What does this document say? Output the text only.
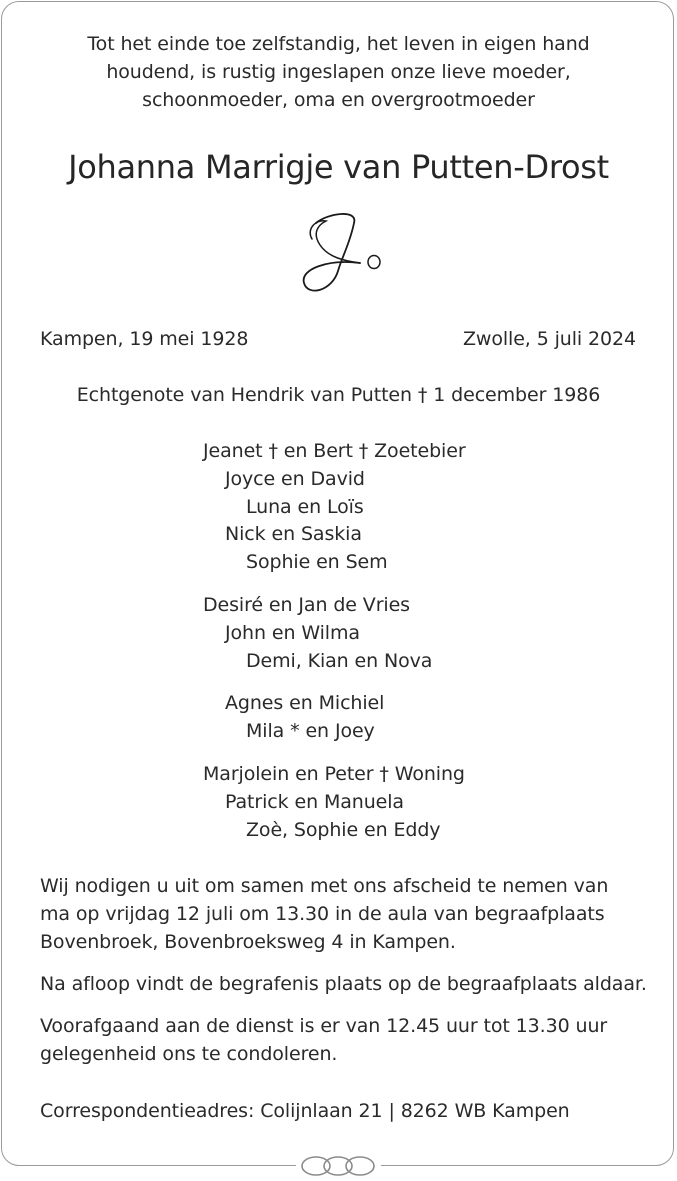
Tot het einde toe zelfstandig, het leven in eigen hand
houdend, is rustig ingeslapen onze lieve moeder,
schoonmoeder, oma en overgrootmoeder
Johanna Marrigje van Putten-Drost
Kampen, 19 mei 1928	Zwolle, 5 juli 2024
Echtgenote van Hendrik van Putten † 1 december 1986
Jeanet † en Bert † Zoetebier
Joyce en David
Luna en Loïs
Nick en Saskia
Sophie en Sem
Desiré en Jan de Vries
John en Wilma
Demi, Kian en Nova
Agnes en Michiel
Mila * en Joey
Marjolein en Peter † Woning
Patrick en Manuela
Zoè, Sophie en Eddy
Wij nodigen u uit om samen met ons afscheid te nemen van
ma op vrijdag 12 juli om 13.30 in de aula van begraafplaats
Bovenbroek, Bovenbroeksweg 4 in Kampen.
Na afloop vindt de begrafenis plaats op de begraafplaats aldaar.
Voorafgaand aan de dienst is er van 12.45 uur tot 13.30 uur
gelegenheid ons te condoleren.
Correspondentieadres: Colijnlaan 21 | 8262 WB Kampen
